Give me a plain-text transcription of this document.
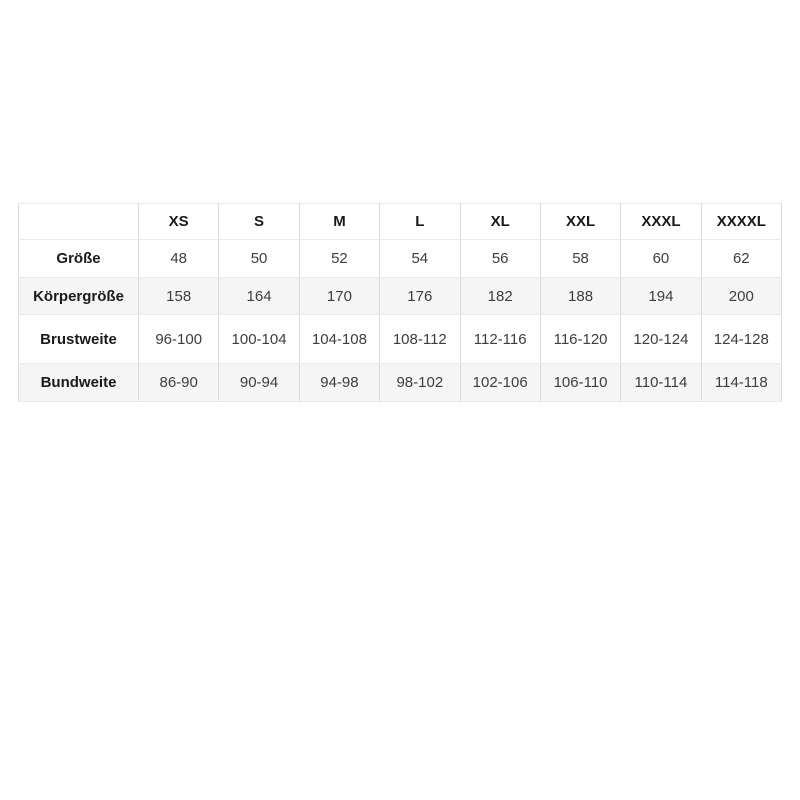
	XS	S	M	L	XL	XXL	XXXL	XXXXL
Größe	48	50	52	54	56	58	60	62
Körpergröße	158	164	170	176	182	188	194	200
Brustweite	96-100	100-104	104-108	108-112	112-116	116-120	120-124	124-128
Bundweite	86-90	90-94	94-98	98-102	102-106	106-110	110-114	114-118
